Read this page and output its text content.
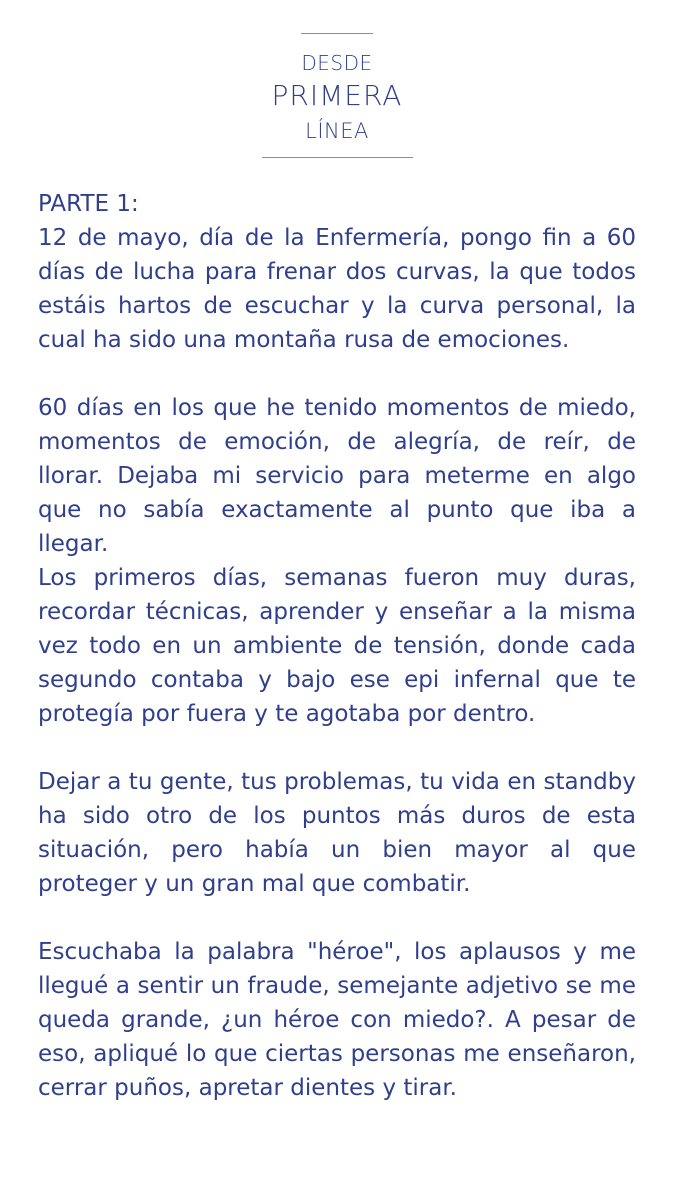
DESDE
PRIMERA
LÍNEA

PARTE 1:
12 de mayo, día de la Enfermería, pongo fin a 60 días de lucha para frenar dos curvas, la que todos estáis hartos de escuchar y la curva personal, la cual ha sido una montaña rusa de emociones.

60 días en los que he tenido momentos de miedo, momentos de emoción, de alegría, de reír, de llorar. Dejaba mi servicio para meterme en algo que no sabía exactamente al punto que iba a llegar.

Los primeros días, semanas fueron muy duras, recordar técnicas, aprender y enseñar a la misma vez todo en un ambiente de tensión, donde cada segundo contaba y bajo ese epi infernal que te protegía por fuera y te agotaba por dentro.

Dejar a tu gente, tus problemas, tu vida en standby ha sido otro de los puntos más duros de esta situación, pero había un bien mayor al que proteger y un gran mal que combatir.

Escuchaba la palabra "héroe", los aplausos y me llegué a sentir un fraude, semejante adjetivo se me queda grande, ¿un héroe con miedo?. A pesar de eso, apliqué lo que ciertas personas me enseñaron, cerrar puños, apretar dientes y tirar.
